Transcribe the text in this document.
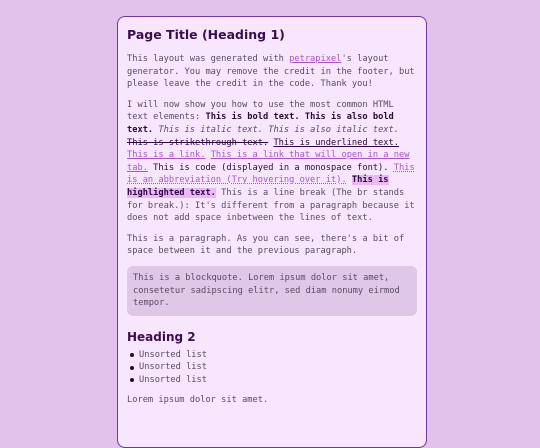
Page Title (Heading 1)

This layout was generated with petrapixel's layout generator. You may remove the credit in the footer, but please leave the credit in the code. Thank you!

I will now show you how to use the most common HTML text elements: This is bold text. This is also bold text. This is italic text. This is also italic text. This is strikethrough text. This is underlined text. This is a link. This is a link that will open in a new tab. This is code (displayed in a monospace font). This is an abbreviation (Try hovering over it). This is highlighted text. This is a line break (The br stands for break.): It's different from a paragraph because it does not add space inbetween the lines of text.

This is a paragraph. As you can see, there's a bit of space between it and the previous paragraph.

This is a blockquote. Lorem ipsum dolor sit amet, consetetur sadipscing elitr, sed diam nonumy eirmod tempor.
Heading 2
Unsorted list
Unsorted list
Unsorted list

Lorem ipsum dolor sit amet.
